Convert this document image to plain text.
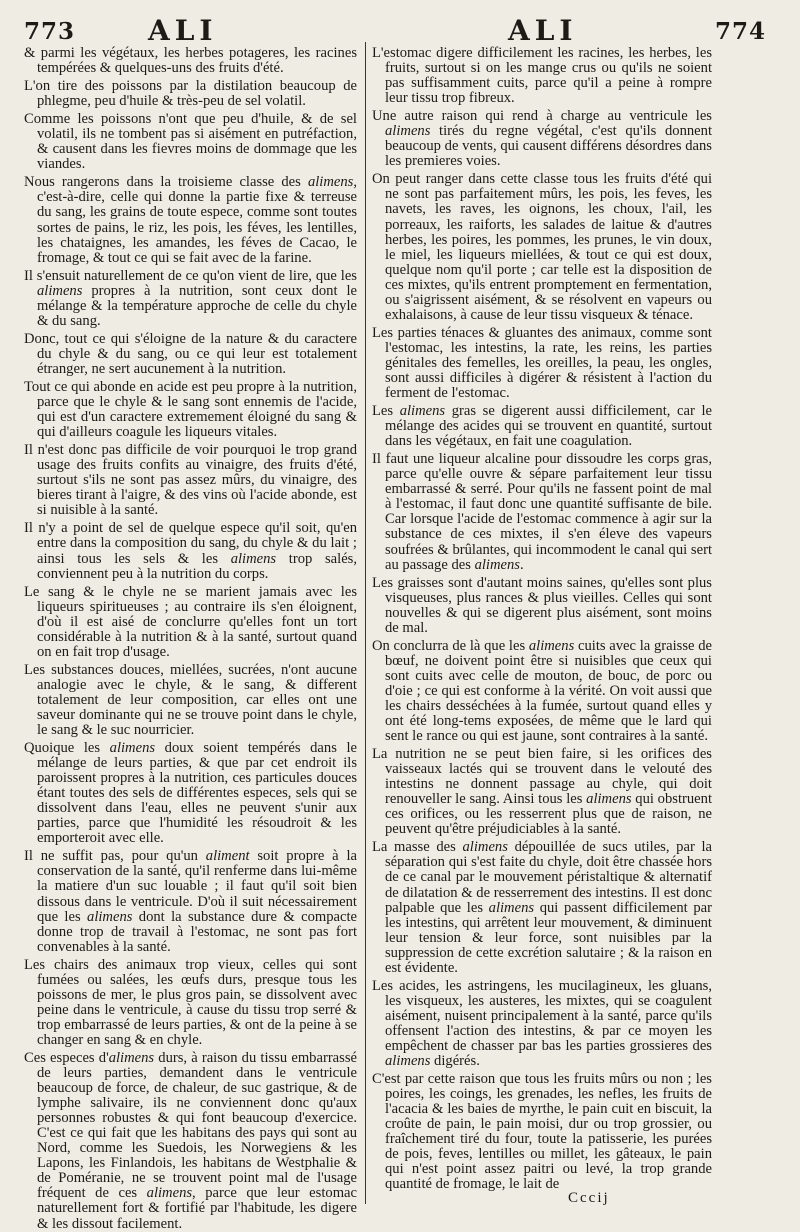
773	ALI	ALI	774

& parmi les végétaux, les herbes potageres, les racines tempérées & quelques-uns des fruits d'été.

L'on tire des poissons par la distilation beaucoup de phlegme, peu d'huile & très-peu de sel volatil.

Comme les poissons n'ont que peu d'huile, & de sel volatil, ils ne tombent pas si aisément en putréfaction, & causent dans les fievres moins de dommage que les viandes.

Nous rangerons dans la troisieme classe des alimens, c'est-à-dire, celle qui donne la partie fixe & terreuse du sang, les grains de toute espece, comme sont toutes sortes de pains, le riz, les pois, les féves, les lentilles, les chataignes, les amandes, les féves de Cacao, le fromage, & tout ce qui se fait avec de la farine.

Il s'ensuit naturellement de ce qu'on vient de lire, que les alimens propres à la nutrition, sont ceux dont le mélange & la température approche de celle du chyle & du sang.

Donc, tout ce qui s'éloigne de la nature & du caractere du chyle & du sang, ou ce qui leur est totalement étranger, ne sert aucunement à la nutrition.

Tout ce qui abonde en acide est peu propre à la nutrition, parce que le chyle & le sang sont ennemis de l'acide, qui est d'un caractere extremement éloigné du sang & qui d'ailleurs coagule les liqueurs vitales.

Il n'est donc pas difficile de voir pourquoi le trop grand usage des fruits confits au vinaigre, des fruits d'été, surtout s'ils ne sont pas assez mûrs, du vinaigre, des bieres tirant à l'aigre, & des vins où l'acide abonde, est si nuisible à la santé.

Il n'y a point de sel de quelque espece qu'il soit, qu'en entre dans la composition du sang, du chyle & du lait ; ainsi tous les sels & les alimens trop salés, conviennent peu à la nutrition du corps.

Le sang & le chyle ne se marient jamais avec les liqueurs spiritueuses ; au contraire ils s'en éloignent, d'où il est aisé de conclurre qu'elles font un tort considérable à la nutrition & à la santé, surtout quand on en fait trop d'usage.

Les substances douces, miellées, sucrées, n'ont aucune analogie avec le chyle, & le sang, & different totalement de leur composition, car elles ont une saveur dominante qui ne se trouve point dans le chyle, le sang & le suc nourricier.

Quoique les alimens doux soient tempérés dans le mélange de leurs parties, & que par cet endroit ils paroissent propres à la nutrition, ces particules douces étant toutes des sels de différentes especes, sels qui se dissolvent dans l'eau, elles ne peuvent s'unir aux parties, parce que l'humidité les résoudroit & les emporteroit avec elle.

Il ne suffit pas, pour qu'un aliment soit propre à la conservation de la santé, qu'il renferme dans lui-même la matiere d'un suc louable ; il faut qu'il soit bien dissous dans le ventricule. D'où il suit nécessairement que les alimens dont la substance dure & compacte donne trop de travail à l'estomac, ne sont pas fort convenables à la santé.

Les chairs des animaux trop vieux, celles qui sont fumées ou salées, les œufs durs, presque tous les poissons de mer, le plus gros pain, se dissolvent avec peine dans le ventricule, à cause du tissu trop serré & trop embarrassé de leurs parties, & ont de la peine à se changer en sang & en chyle.

Ces especes d'alimens durs, à raison du tissu embarrassé de leurs parties, demandent dans le ventricule beaucoup de force, de chaleur, de suc gastrique, & de lymphe salivaire, ils ne conviennent donc qu'aux personnes robustes & qui font beaucoup d'exercice. C'est ce qui fait que les habitans des pays qui sont au Nord, comme les Suedois, les Norwegiens & les Lapons, les Finlandois, les habitans de Westphalie & de Poméranie, ne se trouvent point mal de l'usage fréquent de ces alimens, parce que leur estomac naturellement fort & fortifié par l'habitude, les digere & les dissout facilement.

L'estomac digere difficilement les racines, les herbes, les fruits, surtout si on les mange crus ou qu'ils ne soient pas suffisamment cuits, parce qu'il a peine à rompre leur tissu trop fibreux.

Une autre raison qui rend à charge au ventricule les alimens tirés du regne végétal, c'est qu'ils donnent beaucoup de vents, qui causent différens désordres dans les premieres voies.

On peut ranger dans cette classe tous les fruits d'été qui ne sont pas parfaitement mûrs, les pois, les feves, les navets, les raves, les oignons, les choux, l'ail, les porreaux, les raiforts, les salades de laitue & d'autres herbes, les poires, les pommes, les prunes, le vin doux, le miel, les liqueurs miellées, & tout ce qui est doux, quelque nom qu'il porte ; car telle est la disposition de ces mixtes, qu'ils entrent promptement en fermentation, ou s'aigrissent aisément, & se résolvent en vapeurs ou exhalaisons, à cause de leur tissu visqueux & ténace.

Les parties ténaces & gluantes des animaux, comme sont l'estomac, les intestins, la rate, les reins, les parties génitales des femelles, les oreilles, la peau, les ongles, sont aussi difficiles à digérer & résistent à l'action du ferment de l'estomac.

Les alimens gras se digerent aussi difficilement, car le mélange des acides qui se trouvent en quantité, surtout dans les végétaux, en fait une coagulation.

Il faut une liqueur alcaline pour dissoudre les corps gras, parce qu'elle ouvre & sépare parfaitement leur tissu embarrassé & serré. Pour qu'ils ne fassent point de mal à l'estomac, il faut donc une quantité suffisante de bile. Car lorsque l'acide de l'estomac commence à agir sur la substance de ces mixtes, il s'en éleve des vapeurs soufrées & brûlantes, qui incommodent le canal qui sert au passage des alimens.

Les graisses sont d'autant moins saines, qu'elles sont plus visqueuses, plus rances & plus vieilles. Celles qui sont nouvelles & qui se digerent plus aisément, sont moins de mal.

On conclurra de là que les alimens cuits avec la graisse de bœuf, ne doivent point être si nuisibles que ceux qui sont cuits avec celle de mouton, de bouc, de porc ou d'oie ; ce qui est conforme à la vérité. On voit aussi que les chairs desséchées à la fumée, surtout quand elles y ont été long-tems exposées, de même que le lard qui sent le rance ou qui est jaune, sont contraires à la santé.

La nutrition ne se peut bien faire, si les orifices des vaisseaux lactés qui se trouvent dans le velouté des intestins ne donnent passage au chyle, qui doit renouveller le sang. Ainsi tous les alimens qui obstruent ces orifices, ou les resserrent plus que de raison, ne peuvent qu'être préjudiciables à la santé.

La masse des alimens dépouillée de sucs utiles, par la séparation qui s'est faite du chyle, doit être chassée hors de ce canal par le mouvement péristaltique & alternatif de dilatation & de resserrement des intestins. Il est donc palpable que les alimens qui passent difficilement par les intestins, qui arrêtent leur mouvement, & diminuent leur tension & leur force, sont nuisibles par la suppression de cette excrétion salutaire ; & la raison en est évidente.

Les acides, les astringens, les mucilagineux, les gluans, les visqueux, les austeres, les mixtes, qui se coagulent aisément, nuisent principalement à la santé, parce qu'ils offensent l'action des intestins, & par ce moyen les empêchent de chasser par bas les parties grossieres des alimens digérés.

C'est par cette raison que tous les fruits mûrs ou non ; les poires, les coings, les grenades, les nefles, les fruits de l'acacia & les baies de myrthe, le pain cuit en biscuit, la croûte de pain, le pain moisi, dur ou trop grossier, ou fraîchement tiré du four, toute la patisserie, les purées de pois, feves, lentilles ou millet, les gâteaux, le pain qui n'est point assez paitri ou levé, la trop grande quantité de fromage, le lait de

Cccij
